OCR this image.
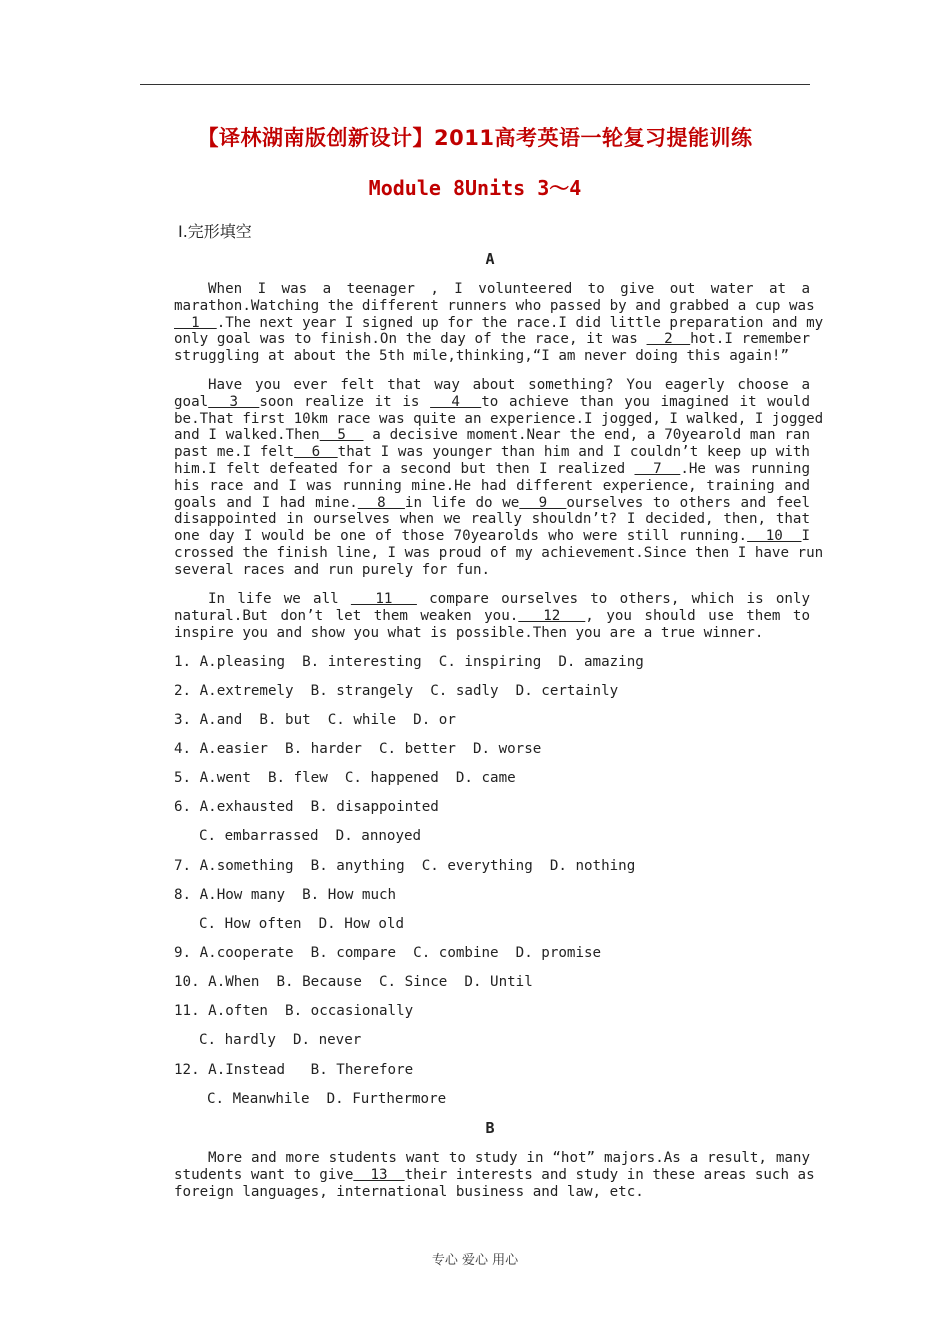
【译林湖南版创新设计】2011高考英语一轮复习提能训练
Module 8Units 3～4
Ⅰ.完形填空
A
When I was a teenager , I volunteered to give out water at a
marathon.Watching the different runners who passed by and grabbed a cup was
1  .The next year I signed up for the race.I did little preparation and my
only goal was to finish.On the day of the race, it was   2  hot.I remember
struggling at about the 5th mile,thinking,“I am never doing this again!”
Have you ever felt that way about something? You eagerly choose a
goal  3  soon realize it is   4  to achieve than you imagined it would
be.That first 10km race was quite an experience.I jogged, I walked, I jogged
and I walked.Then  5   a decisive moment.Near the end, a 70yearold man ran
past me.I felt  6  that I was younger than him and I couldn’t keep up with
him.I felt defeated for a second but then I realized   7  .He was running
his race and I was running mine.He had different experience, training and
goals and I had mine.  8  in life do we  9  ourselves to others and feel
disappointed in ourselves when we really shouldn’t? I decided, then, that
one day I would be one of those 70yearolds who were still running.  10  I
crossed the finish line, I was proud of my achievement.Since then I have run
several races and run purely for fun.
In life we all   11   compare ourselves to others, which is only
natural.But don’t let them weaken you.  12  , you should use them to
inspire you and show you what is possible.Then you are a true winner.
1. A.pleasing  B. interesting  C. inspiring  D. amazing
2. A.extremely  B. strangely  C. sadly  D. certainly
3. A.and  B. but  C. while  D. or
4. A.easier  B. harder  C. better  D. worse
5. A.went  B. flew  C. happened  D. came
6. A.exhausted  B. disappointed
C. embarrassed  D. annoyed
7. A.something  B. anything  C. everything  D. nothing
8. A.How many  B. How much
C. How often  D. How old
9. A.cooperate  B. compare  C. combine  D. promise
10. A.When  B. Because  C. Since  D. Until
11. A.often  B. occasionally
C. hardly  D. never
12. A.Instead   B. Therefore
C. Meanwhile  D. Furthermore
B
More and more students want to study in “hot” majors.As a result, many
students want to give  13  their interests and study in these areas such as
foreign languages, international business and law, etc.
专心 爱心 用心
